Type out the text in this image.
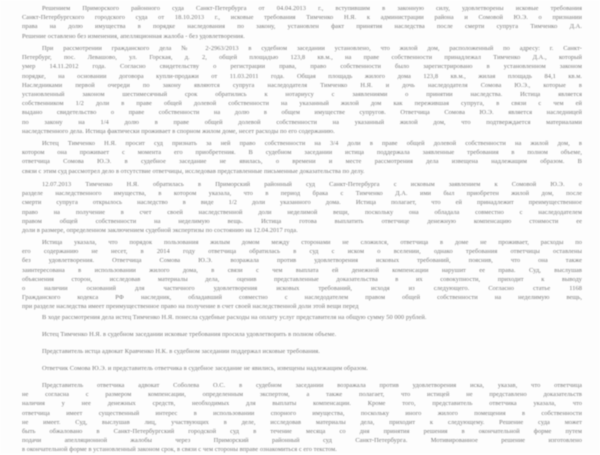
Решением Приморского районного суда Санкт-Петербурга от 04.04.2013 г., вступившим в законную силу, удовлетворены исковые требования
Санкт-Петербургского городского суда от 18.10.2013 г., исковые требования Тимченко Н.Я. к администрации района и Сомовой Ю.Э. о признании
права на долю имущества в порядке наследования по закону, установлен факт принятия наследства после смерти супруга Тимченко Д.А.
Решение оставлено без изменения, апелляционная жалоба - без удовлетворения.
При рассмотрении гражданского дела № 2-2963/2013 в судебном заседании установлено, что жилой дом, расположенный по адресу: г. Санкт-
Петербург, пос. Левашово, ул. Горская, д. 2, общей площадью 123,8 кв.м., на праве собственности принадлежал Тимченко Д.А., который
умер 14.11.2012 года. Согласно свидетельству о регистрации права, право собственности было зарегистрировано в установленном законом
порядке, на основании договора купли-продажи от 11.03.2011 года. Общая площадь жилого дома 123,8 кв.м., жилая площадь 84,1 кв.м.
Наследниками первой очереди по закону являются супруга наследодателя Тимченко Н.Я. и дочь наследодателя Сомова Ю.Э., которые в
установленный законом шестимесячный срок обратились к нотариусу с заявлениями о принятии наследства. Истица является
собственником 1/2 доли в праве общей долевой собственности на указанный жилой дом как пережившая супруга, в связи с чем ей
выдано свидетельство о праве собственности на долю в общем имуществе супругов. Ответчица Сомова Ю.Э. является наследницей
по закону на 1/4 долю в праве общей долевой собственности на указанный жилой дом, что подтверждается материалами
наследственного дела. Истица фактически проживает в спорном жилом доме, несет расходы по его содержанию.
Истец Тимченко Н.Я. просит суд признать за ней право собственности на 3/4 доли в праве общей долевой собственности на жилой дом, в
котором она проживает с момента его приобретения. В судебном заседании истица поддержала заявленные требования в полном объеме,
ответчица Сомова Ю.Э. в судебное заседание не явилась, о времени и месте рассмотрения дела извещена надлежащим образом. В
связи с этим суд рассмотрел дело в отсутствие ответчицы, исследовав представленные письменные доказательства по делу.
12.07.2013 Тимченко Н.Я. обратилась в Приморский районный суд Санкт-Петербурга с исковым заявлением к Сомовой Ю.Э. о
разделе наследственного имущества, в котором указала, что в период брака с Тимченко Д.А. ими был приобретен жилой дом, после
смерти супруга открылось наследство в виде 1/2 доли указанного дома. Истица полагает, что ей принадлежит преимущественное
право на получение в счет своей наследственной доли неделимой вещи, поскольку она обладала совместно с наследодателем
правом общей собственности на неделимую вещь. Истица готова выплатить ответчице денежную компенсацию стоимости ее
доли в размере, определенном заключением судебной экспертизы по состоянию на 12.04.2017 года.
Истица указала, что порядок пользования жилым домом между сторонами не сложился, ответчица в доме не проживает, расходы по
его содержанию не несет, в 2014 году ответчица обратилась в суд с иском о вселении, однако требования ответчицы оставлены
без удовлетворения. Ответчица Сомова Ю.Э. возражала против удовлетворения исковых требований, пояснив, что она также
заинтересована в использовании жилого дома, в связи с чем выплата ей денежной компенсации нарушит ее права. Суд, выслушав
объяснения сторон, исследовав материалы дела, оценив представленные доказательства в их совокупности, приходит к выводу
о наличии оснований для частичного удовлетворения исковых требований, исходя из следующего. Согласно статье 1168
Гражданского кодекса РФ наследник, обладавший совместно с наследодателем правом общей собственности на неделимую вещь,
при разделе наследства имеет преимущественное право на получение в счет своей наследственной доли этой вещи перед
В ходе рассмотрения дела истец Тимченко Н.Я. понесла судебные расходы на оплату услуг представителя на общую сумму 50 000 рублей.
Истец Тимченко Н.Я. в судебном заседании исковые требования просила удовлетворить в полном объеме.
Представитель истца адвокат Кравченко Н.К. в судебном заседании поддержал исковые требования.
Ответчик Сомова Ю.Э. и представитель ответчика в судебное заседание не явились, извещены надлежащим образом.
Представитель ответчика адвокат Соболева О.С. в судебном заседании возражала против удовлетворения иска, указав, что ответчица
не согласна с размером компенсации, определенным экспертом, а также полагает, что истицей не представлено доказательств
наличия у нее денежных средств, необходимых для выплаты компенсации. Кроме того, представитель ответчика указала, что
ответчица имеет существенный интерес в использовании спорного имущества, поскольку иного жилого помещения в собственности
не имеет. Суд, выслушав лиц, участвующих в деле, исследовав материалы дела, приходит к следующему. Решение суда может
быть обжаловано в Санкт-Петербургский городской суд в течение месяца со дня принятия решения в окончательной форме путем
подачи апелляционной жалобы через Приморский районный суд Санкт-Петербурга. Мотивированное решение изготовлено
в окончательной форме в установленный законом срок, в связи с чем стороны вправе ознакомиться с его текстом.
